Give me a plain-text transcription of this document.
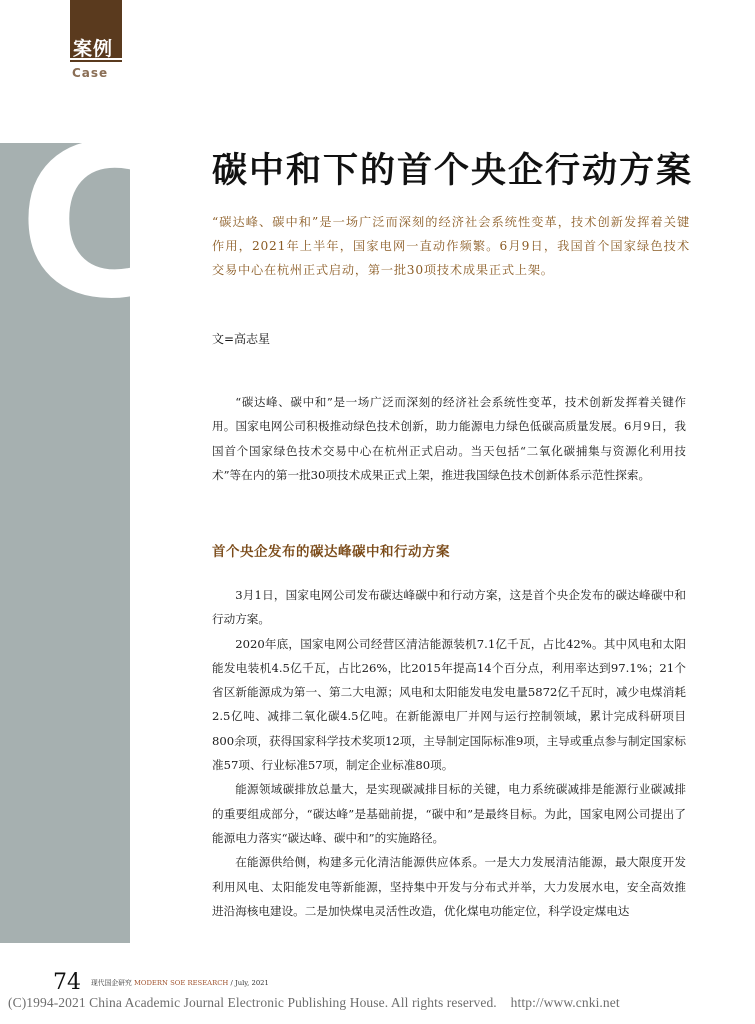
案例
Case
C 碳中和下的首个央企行动方案
“碳达峰、碳中和”是一场广泛而深刻的经济社会系统性变革，技术创新发挥着关键作用，2021年上半年，国家电网一直动作频繁。6月9日，我国首个国家绿色技术交易中心在杭州正式启动，第一批30项技术成果正式上架。
文=高志星

“碳达峰、碳中和”是一场广泛而深刻的经济社会系统性变革，技术创新发挥着关键作用。国家电网公司积极推动绿色技术创新，助力能源电力绿色低碳高质量发展。6月9日，我国首个国家绿色技术交易中心在杭州正式启动。当天包括“二氧化碳捕集与资源化利用技术”等在内的第一批30项技术成果正式上架，推进我国绿色技术创新体系示范性探索。

首个央企发布的碳达峰碳中和行动方案

3月1日，国家电网公司发布碳达峰碳中和行动方案，这是首个央企发布的碳达峰碳中和行动方案。

2020年底，国家电网公司经营区清洁能源装机7.1亿千瓦，占比42%。其中风电和太阳能发电装机4.5亿千瓦，占比26%，比2015年提高14个百分点，利用率达到97.1%；21个省区新能源成为第一、第二大电源；风电和太阳能发电发电量5872亿千瓦时，减少电煤消耗2.5亿吨、减排二氧化碳4.5亿吨。在新能源电厂并网与运行控制领域，累计完成科研项目800余项，获得国家科学技术奖项12项，主导制定国际标准9项，主导或重点参与制定国家标准57项、行业标准57项，制定企业标准80项。

能源领域碳排放总量大，是实现碳减排目标的关键，电力系统碳减排是能源行业碳减排的重要组成部分，“碳达峰”是基础前提，“碳中和”是最终目标。为此，国家电网公司提出了能源电力落实“碳达峰、碳中和”的实施路径。

在能源供给侧，构建多元化清洁能源供应体系。一是大力发展清洁能源，最大限度开发利用风电、太阳能发电等新能源，坚持集中开发与分布式并举，大力发展水电，安全高效推进沿海核电建设。二是加快煤电灵活性改造，优化煤电功能定位，科学设定煤电达

74 现代国企研究 MODERN SOE RESEARCH / July, 2021
(C)1994-2021 China Academic Journal Electronic Publishing House. All rights reserved.    http://www.cnki.net
